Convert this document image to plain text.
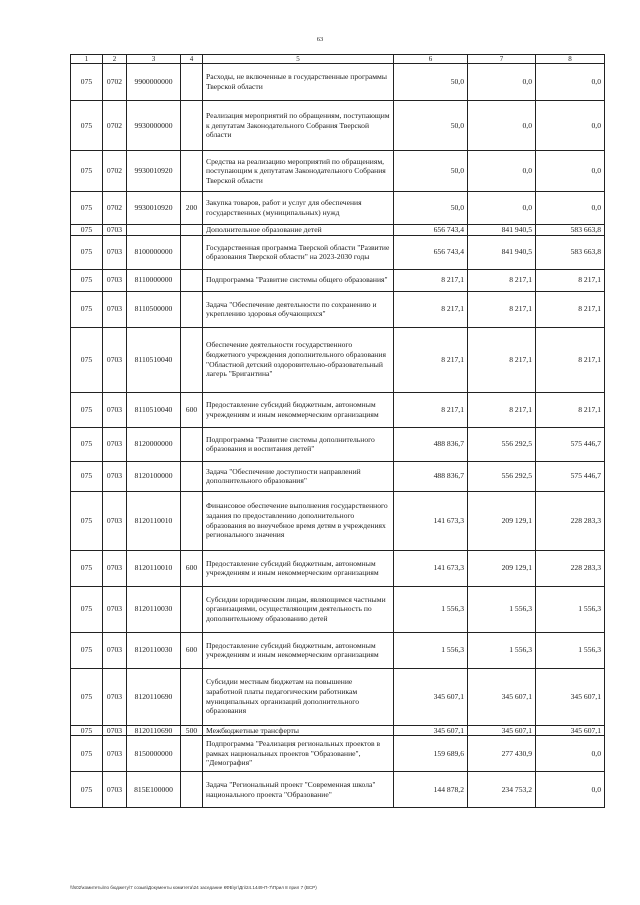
63
1	2	3	4	5	6	7	8
075	0702	9900000000		Расходы, не включенные в государственные программы Тверской области	50,0	0,0	0,0
075	0702	9930000000		Реализация мероприятий по обращениям, поступающим к депутатам Законодательного Собрания Тверской области	50,0	0,0	0,0
075	0702	9930010920		Средства на реализацию мероприятий по обращениям, поступающим к депутатам Законодательного Собрания Тверской области	50,0	0,0	0,0
075	0702	9930010920	200	Закупка товаров, работ и услуг для обеспечения государственных (муниципальных) нужд	50,0	0,0	0,0
075	0703			Дополнительное образование детей	656 743,4	841 940,5	583 663,8
075	0703	8100000000		Государственная программа Тверской области "Развитие образования Тверской области" на 2023-2030 годы	656 743,4	841 940,5	583 663,8
075	0703	8110000000		Подпрограмма "Развитие системы общего образования"	8 217,1	8 217,1	8 217,1
075	0703	8110500000		Задача "Обеспечение деятельности по сохранению и укреплению здоровья обучающихся"	8 217,1	8 217,1	8 217,1
075	0703	8110510040		Обеспечение деятельности государственного бюджетного учреждения дополнительного образования "Областной детский оздоровительно-образовательный лагерь "Бригантина"	8 217,1	8 217,1	8 217,1
075	0703	8110510040	600	Предоставление субсидий бюджетным, автономным учреждениям и иным некоммерческим организациям	8 217,1	8 217,1	8 217,1
075	0703	8120000000		Подпрограмма "Развитие системы дополнительного образования и воспитания детей"	488 836,7	556 292,5	575 446,7
075	0703	8120100000		Задача "Обеспечение доступности направлений дополнительного образования"	488 836,7	556 292,5	575 446,7
075	0703	8120110010		Финансовое обеспечение выполнения государственного задания по предоставлению дополнительного образования во внеучебное время детям в учреждениях регионального значения	141 673,3	209 129,1	228 283,3
075	0703	8120110010	600	Предоставление субсидий бюджетным, автономным учреждениям и иным некоммерческим организациям	141 673,3	209 129,1	228 283,3
075	0703	8120110030		Субсидии юридическим лицам, являющимся частными организациями, осуществляющим деятельность по дополнительному образованию детей	1 556,3	1 556,3	1 556,3
075	0703	8120110030	600	Предоставление субсидий бюджетным, автономным учреждениям и иным некоммерческим организациям	1 556,3	1 556,3	1 556,3
075	0703	8120110690		Субсидии местным бюджетам на повышение заработной платы педагогическим работникам муниципальных организаций дополнительного образования	345 607,1	345 607,1	345 607,1
075	0703	8120110690	500	Межбюджетные трансферты	345 607,1	345 607,1	345 607,1
075	0703	8150000000		Подпрограмма "Реализация региональных проектов в рамках национальных проектов "Образование", "Демография"	159 689,6	277 430,9	0,0
075	0703	815E100000		Задача "Региональный проект "Современная школа" национального проекта "Образование"	144 878,2	234 753,2	0,0
\\fs02\комитеты\по бюджету\7 созыв\Документы комитета\24 заседание КФБ\уг\Дп\24.1449-П-7\Прил 8 прил 7 (ВСР)
